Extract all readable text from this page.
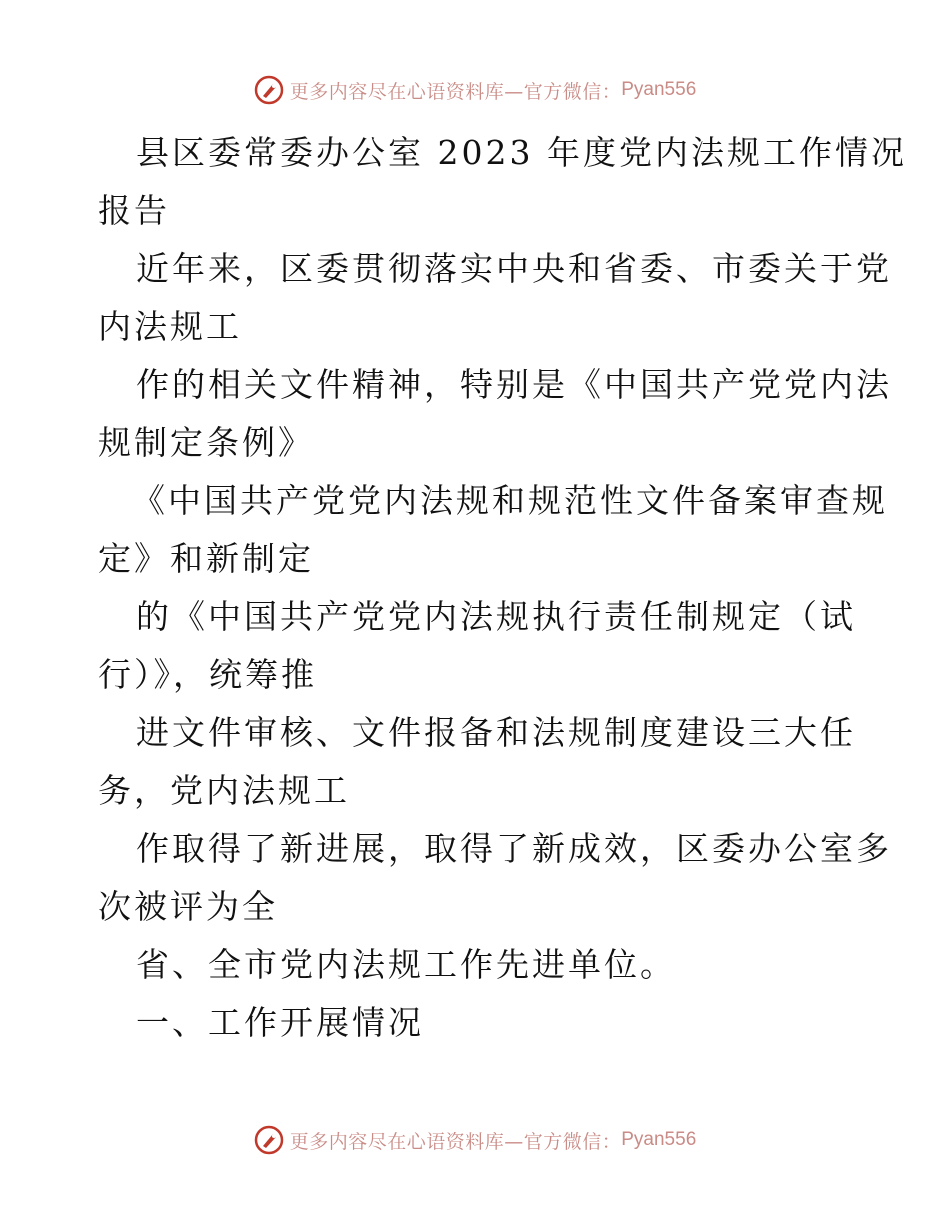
更多内容尽在心语资料库—官方微信： Pyan556
县区委常委办公室 2023 年度党内法规工作情况
报告
近年来，区委贯彻落实中央和省委、市委关于党
内法规工
作的相关文件精神，特别是《中国共产党党内法
规制定条例》
《中国共产党党内法规和规范性文件备案审查规
定》和新制定
的《中国共产党党内法规执行责任制规定（试
行）》，统筹推
进文件审核、文件报备和法规制度建设三大任
务，党内法规工
作取得了新进展，取得了新成效，区委办公室多
次被评为全
省、全市党内法规工作先进单位。
一、工作开展情况
更多内容尽在心语资料库—官方微信： Pyan556
